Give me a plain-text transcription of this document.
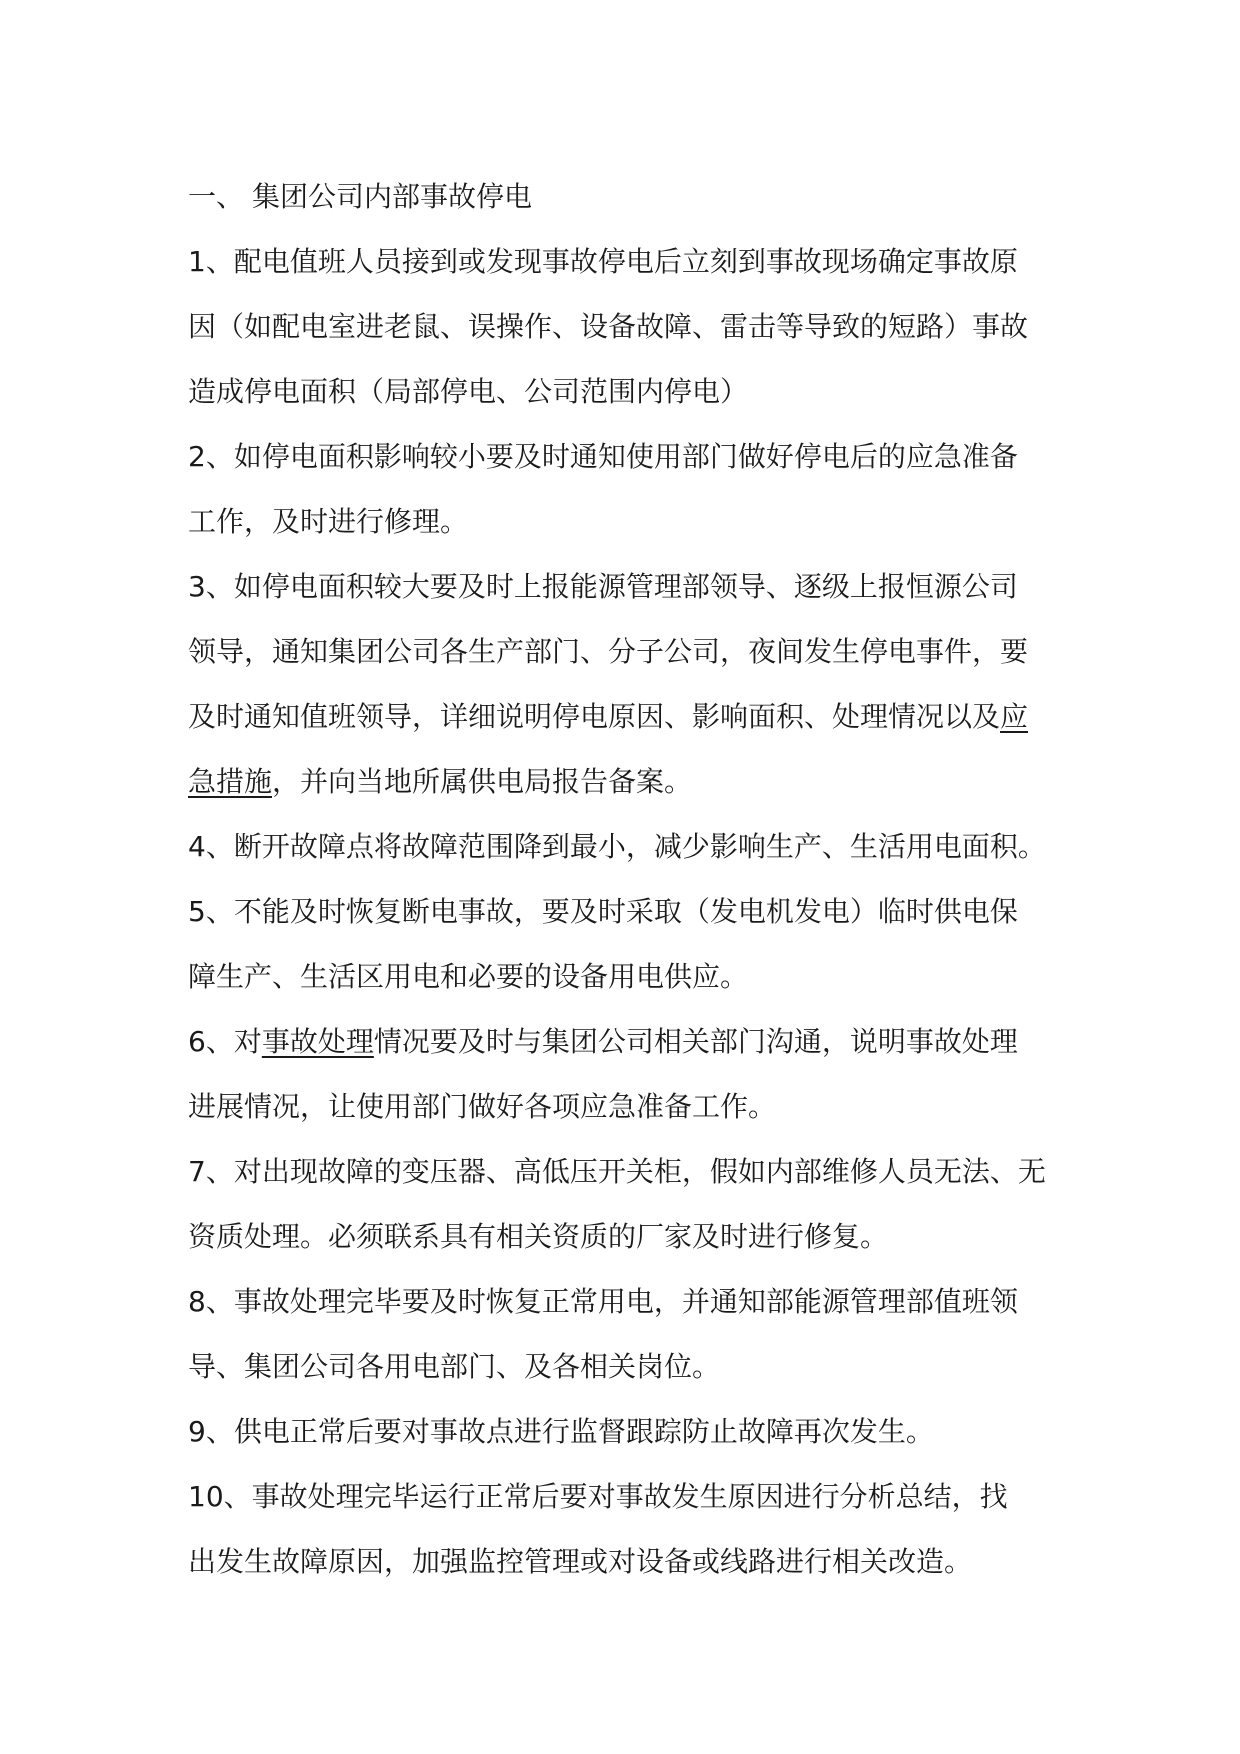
一、 集团公司内部事故停电
1、配电值班人员接到或发现事故停电后立刻到事故现场确定事故原
因（如配电室进老鼠、误操作、设备故障、雷击等导致的短路）事故
造成停电面积（局部停电、公司范围内停电）
2、如停电面积影响较小要及时通知使用部门做好停电后的应急准备
工作，及时进行修理。
3、如停电面积较大要及时上报能源管理部领导、逐级上报恒源公司
领导，通知集团公司各生产部门、分子公司，夜间发生停电事件，要
及时通知值班领导，详细说明停电原因、影响面积、处理情况以及应
急措施，并向当地所属供电局报告备案。
4、断开故障点将故障范围降到最小，减少影响生产、生活用电面积。
5、不能及时恢复断电事故，要及时采取（发电机发电）临时供电保
障生产、生活区用电和必要的设备用电供应。
6、对事故处理情况要及时与集团公司相关部门沟通，说明事故处理
进展情况，让使用部门做好各项应急准备工作。
7、对出现故障的变压器、高低压开关柜，假如内部维修人员无法、无
资质处理。必须联系具有相关资质的厂家及时进行修复。
8、事故处理完毕要及时恢复正常用电，并通知部能源管理部值班领
导、集团公司各用电部门、及各相关岗位。
9、供电正常后要对事故点进行监督跟踪防止故障再次发生。
10、事故处理完毕运行正常后要对事故发生原因进行分析总结，找
出发生故障原因，加强监控管理或对设备或线路进行相关改造。
